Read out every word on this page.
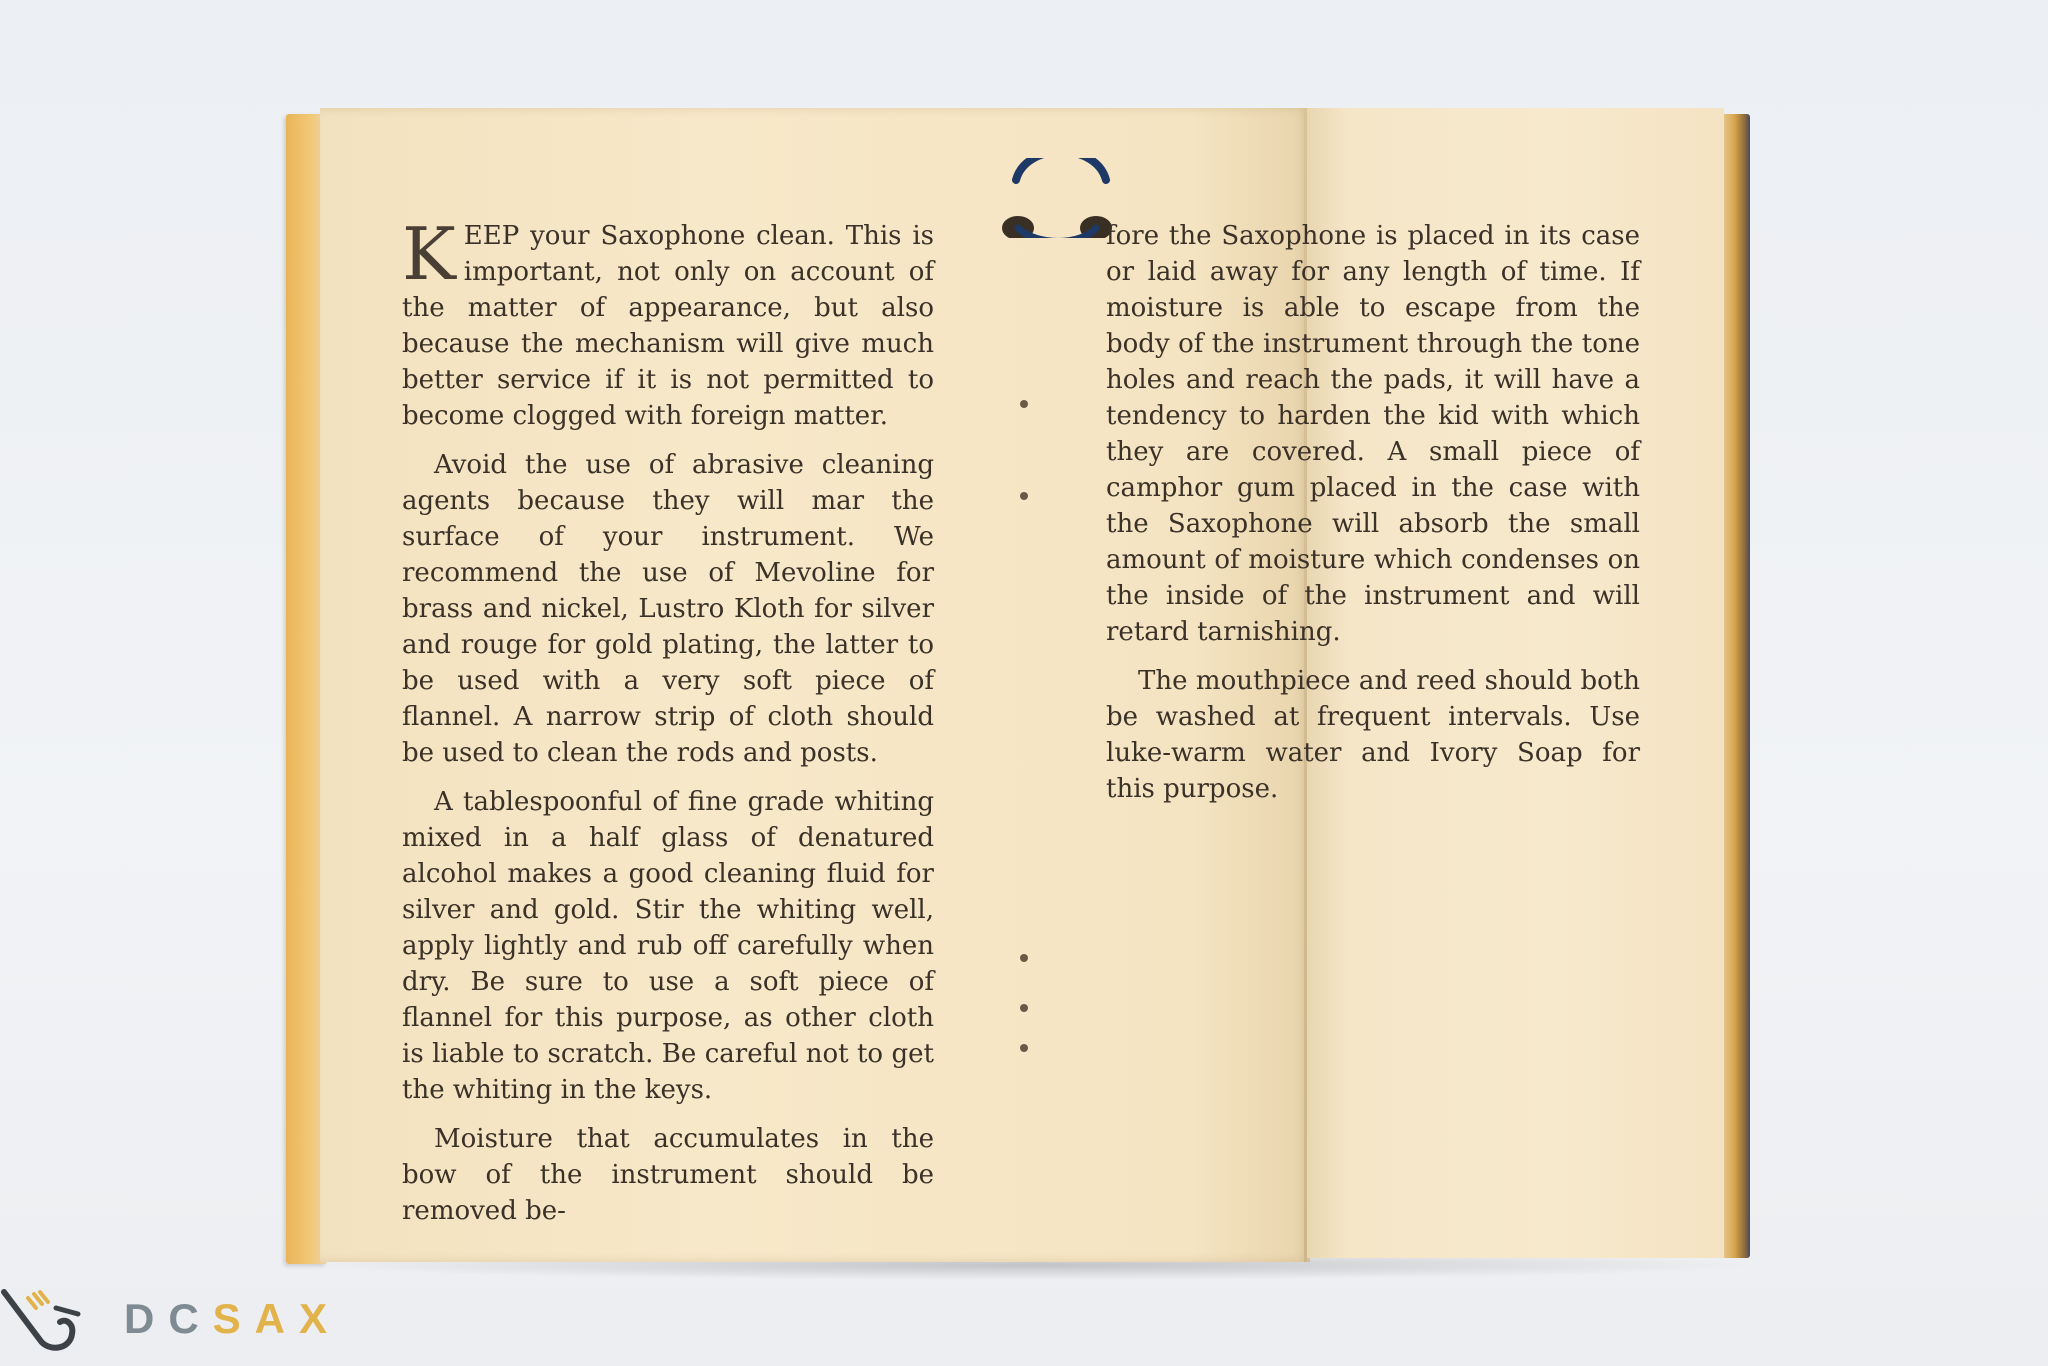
KEEP your Saxophone clean. This is important, not only on account of the matter of appearance, but also because the mechanism will give much better service if it is not permitted to become clogged with foreign matter.

Avoid the use of abrasive cleaning agents because they will mar the surface of your instrument. We recommend the use of Mevoline for brass and nickel, Lustro Kloth for silver and rouge for gold plating, the latter to be used with a very soft piece of flannel. A narrow strip of cloth should be used to clean the rods and posts.

A tablespoonful of fine grade whiting mixed in a half glass of denatured alcohol makes a good cleaning fluid for silver and gold. Stir the whiting well, apply lightly and rub off carefully when dry. Be sure to use a soft piece of flannel for this purpose, as other cloth is liable to scratch. Be careful not to get the whiting in the keys.

Moisture that accumulates in the bow of the instrument should be removed be-

fore the Saxophone is placed in its case or laid away for any length of time. If moisture is able to escape from the body of the instrument through the tone holes and reach the pads, it will have a tendency to harden the kid with which they are covered. A small piece of camphor gum placed in the case with the Saxophone will absorb the small amount of moisture which condenses on the inside of the instrument and will retard tarnishing.

The mouthpiece and reed should both be washed at frequent intervals. Use luke-warm water and Ivory Soap for this purpose.

DCSAX
